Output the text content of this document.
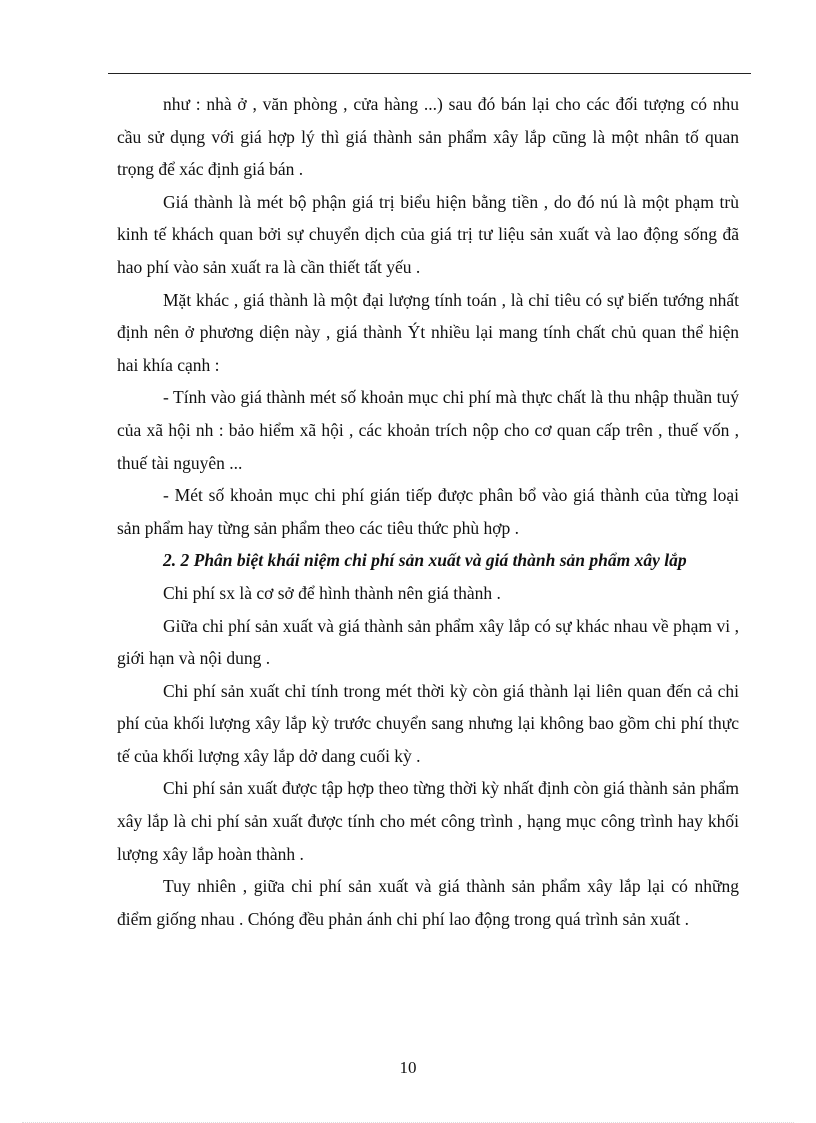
như : nhà ở , văn phòng , cửa hàng ...) sau đó bán lại cho các đối tượng có nhu cầu sử dụng với giá hợp lý thì giá thành sản phẩm xây lắp cũng là một nhân tố quan trọng để xác định giá bán .

Giá thành là mét bộ phận giá trị biểu hiện bằng tiền , do đó nú là một phạm trù kinh tế khách quan bởi sự chuyển dịch của giá trị tư liệu sản xuất và lao động sống đã hao phí vào sản xuất ra là cần thiết tất yếu .

Mặt khác , giá thành là một đại lượng tính toán , là chỉ tiêu có sự biến tướng nhất định nên ở phương diện này , giá thành Ýt nhiều lại mang tính chất chủ quan thể hiện hai khía cạnh :

- Tính vào giá thành mét số khoản mục chi phí mà thực chất là thu nhập thuần tuý của xã hội nh : bảo hiểm xã hội , các khoản trích nộp cho cơ quan cấp trên , thuế vốn , thuế tài nguyên ...

- Mét số khoản mục chi phí gián tiếp được phân bổ vào giá thành của từng loại sản phẩm hay từng sản phẩm theo các tiêu thức phù hợp .

2. 2 Phân biệt khái niệm chi phí sản xuất và giá thành sản phẩm xây lắp

Chi phí sx là cơ sở để hình thành nên giá thành .

Giữa chi phí sản xuất và giá thành sản phẩm xây lắp có sự khác nhau về phạm vi , giới hạn và nội dung .

Chi phí sản xuất chỉ tính trong mét thời kỳ còn giá thành lại liên quan đến cả chi phí của khối lượng xây lắp kỳ trước chuyển sang nhưng lại không bao gồm chi phí thực tế của khối lượng xây lắp dở dang cuối kỳ .

Chi phí sản xuất được tập hợp theo từng thời kỳ nhất định còn giá thành sản phẩm xây lắp là chi phí sản xuất được tính cho mét công trình , hạng mục công trình hay khối lượng xây lắp hoàn thành .

Tuy nhiên , giữa chi phí sản xuất và giá thành sản phẩm xây lắp lại có những điểm giống nhau . Chóng đều phản ánh chi phí lao động trong quá trình sản xuất .

10
